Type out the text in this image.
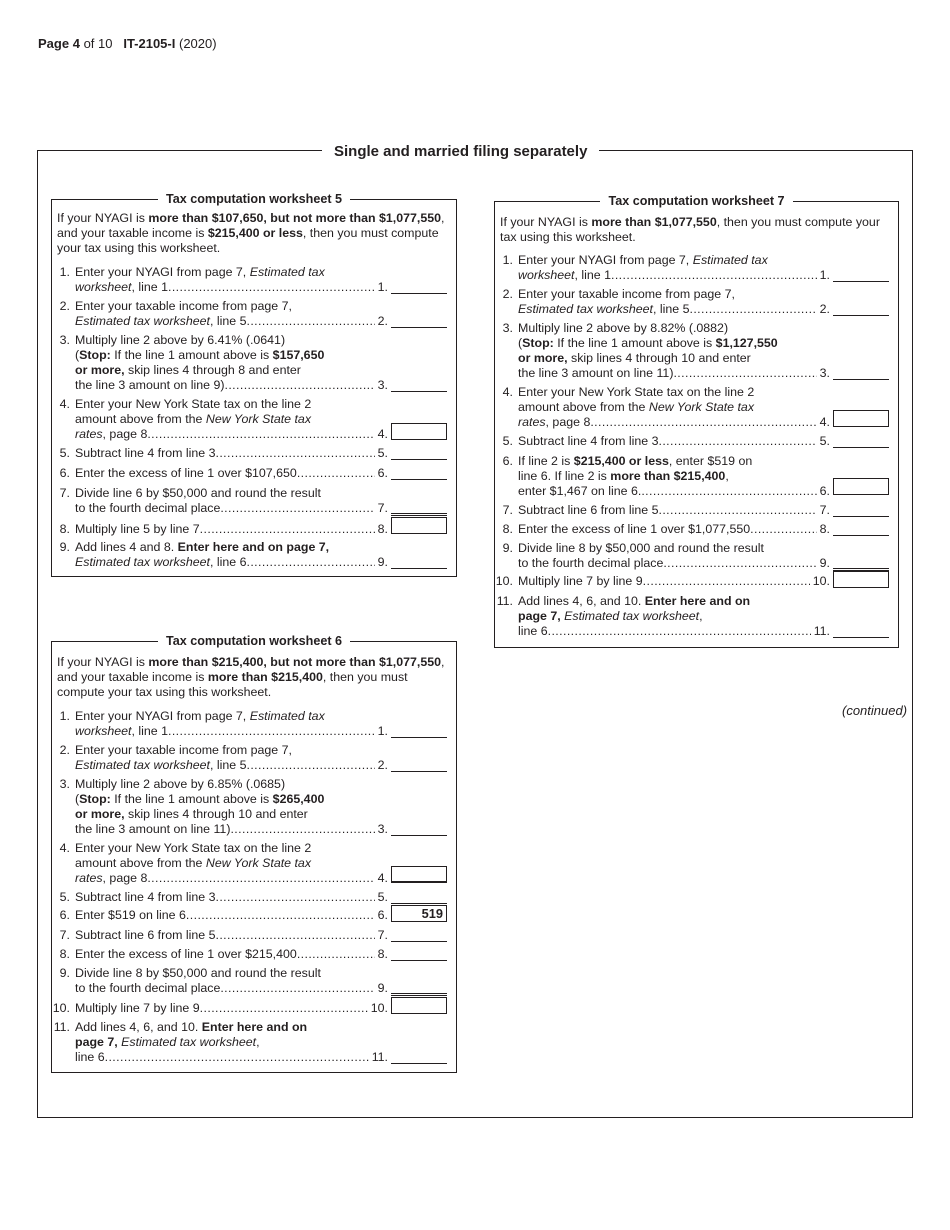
Page 4 of 10 IT-2105-I (2020)
Single and married filing separately
Tax computation worksheet 5
If your NYAGI is more than $107,650, but not more than $1,077,550, and your taxable income is $215,400 or less, then you must compute your tax using this worksheet.
1. Enter your NYAGI from page 7, Estimated tax
worksheet, line 1 .....	1.
2. Enter your taxable income from page 7,
Estimated tax worksheet, line 5 .....	2.
3. Multiply line 2 above by 6.41% (.0641)
(Stop: If the line 1 amount above is $157,650
or more, skip lines 4 through 8 and enter
the line 3 amount on line 9) .....	3.
4. Enter your New York State tax on the line 2
amount above from the New York State tax
rates, page 8 .....	4.
5. Subtract line 4 from line 3 .....	5.
6. Enter the excess of line 1 over $107,650 .....	6.
7. Divide line 6 by $50,000 and round the result
to the fourth decimal place .....	7.
8. Multiply line 5 by line 7 .....	8.
9. Add lines 4 and 8. Enter here and on page 7,
Estimated tax worksheet, line 6 .....	9.
Tax computation worksheet 6
If your NYAGI is more than $215,400, but not more than $1,077,550, and your taxable income is more than $215,400, then you must compute your tax using this worksheet.
1. Enter your NYAGI from page 7, Estimated tax
worksheet, line 1 .....	1.
2. Enter your taxable income from page 7,
Estimated tax worksheet, line 5 .....	2.
3. Multiply line 2 above by 6.85% (.0685)
(Stop: If the line 1 amount above is $265,400
or more, skip lines 4 through 10 and enter
the line 3 amount on line 11) .....	3.
4. Enter your New York State tax on the line 2
amount above from the New York State tax
rates, page 8 .....	4.
5. Subtract line 4 from line 3 .....	5.
6. Enter $519 on line 6 .....	6.	519
7. Subtract line 6 from line 5 .....	7.
8. Enter the excess of line 1 over $215,400 .....	8.
9. Divide line 8 by $50,000 and round the result
to the fourth decimal place .....	9.
10. Multiply line 7 by line 9 .....	10.
11. Add lines 4, 6, and 10. Enter here and on
page 7, Estimated tax worksheet,
line 6 .....	11.
Tax computation worksheet 7
If your NYAGI is more than $1,077,550, then you must compute your tax using this worksheet.
1. Enter your NYAGI from page 7, Estimated tax
worksheet, line 1 .....	1.
2. Enter your taxable income from page 7,
Estimated tax worksheet, line 5 .....	2.
3. Multiply line 2 above by 8.82% (.0882)
(Stop: If the line 1 amount above is $1,127,550
or more, skip lines 4 through 10 and enter
the line 3 amount on line 11) .....	3.
4. Enter your New York State tax on the line 2
amount above from the New York State tax
rates, page 8 .....	4.
5. Subtract line 4 from line 3 .....	5.
6. If line 2 is $215,400 or less, enter $519 on
line 6. If line 2 is more than $215,400,
enter $1,467 on line 6. .....	6.
7. Subtract line 6 from line 5 .....	7.
8. Enter the excess of line 1 over $1,077,550 .....	8.
9. Divide line 8 by $50,000 and round the result
to the fourth decimal place .....	9.
10. Multiply line 7 by line 9 .....	10.
11. Add lines 4, 6, and 10. Enter here and on
page 7, Estimated tax worksheet,
line 6 .....	11.
(continued)
